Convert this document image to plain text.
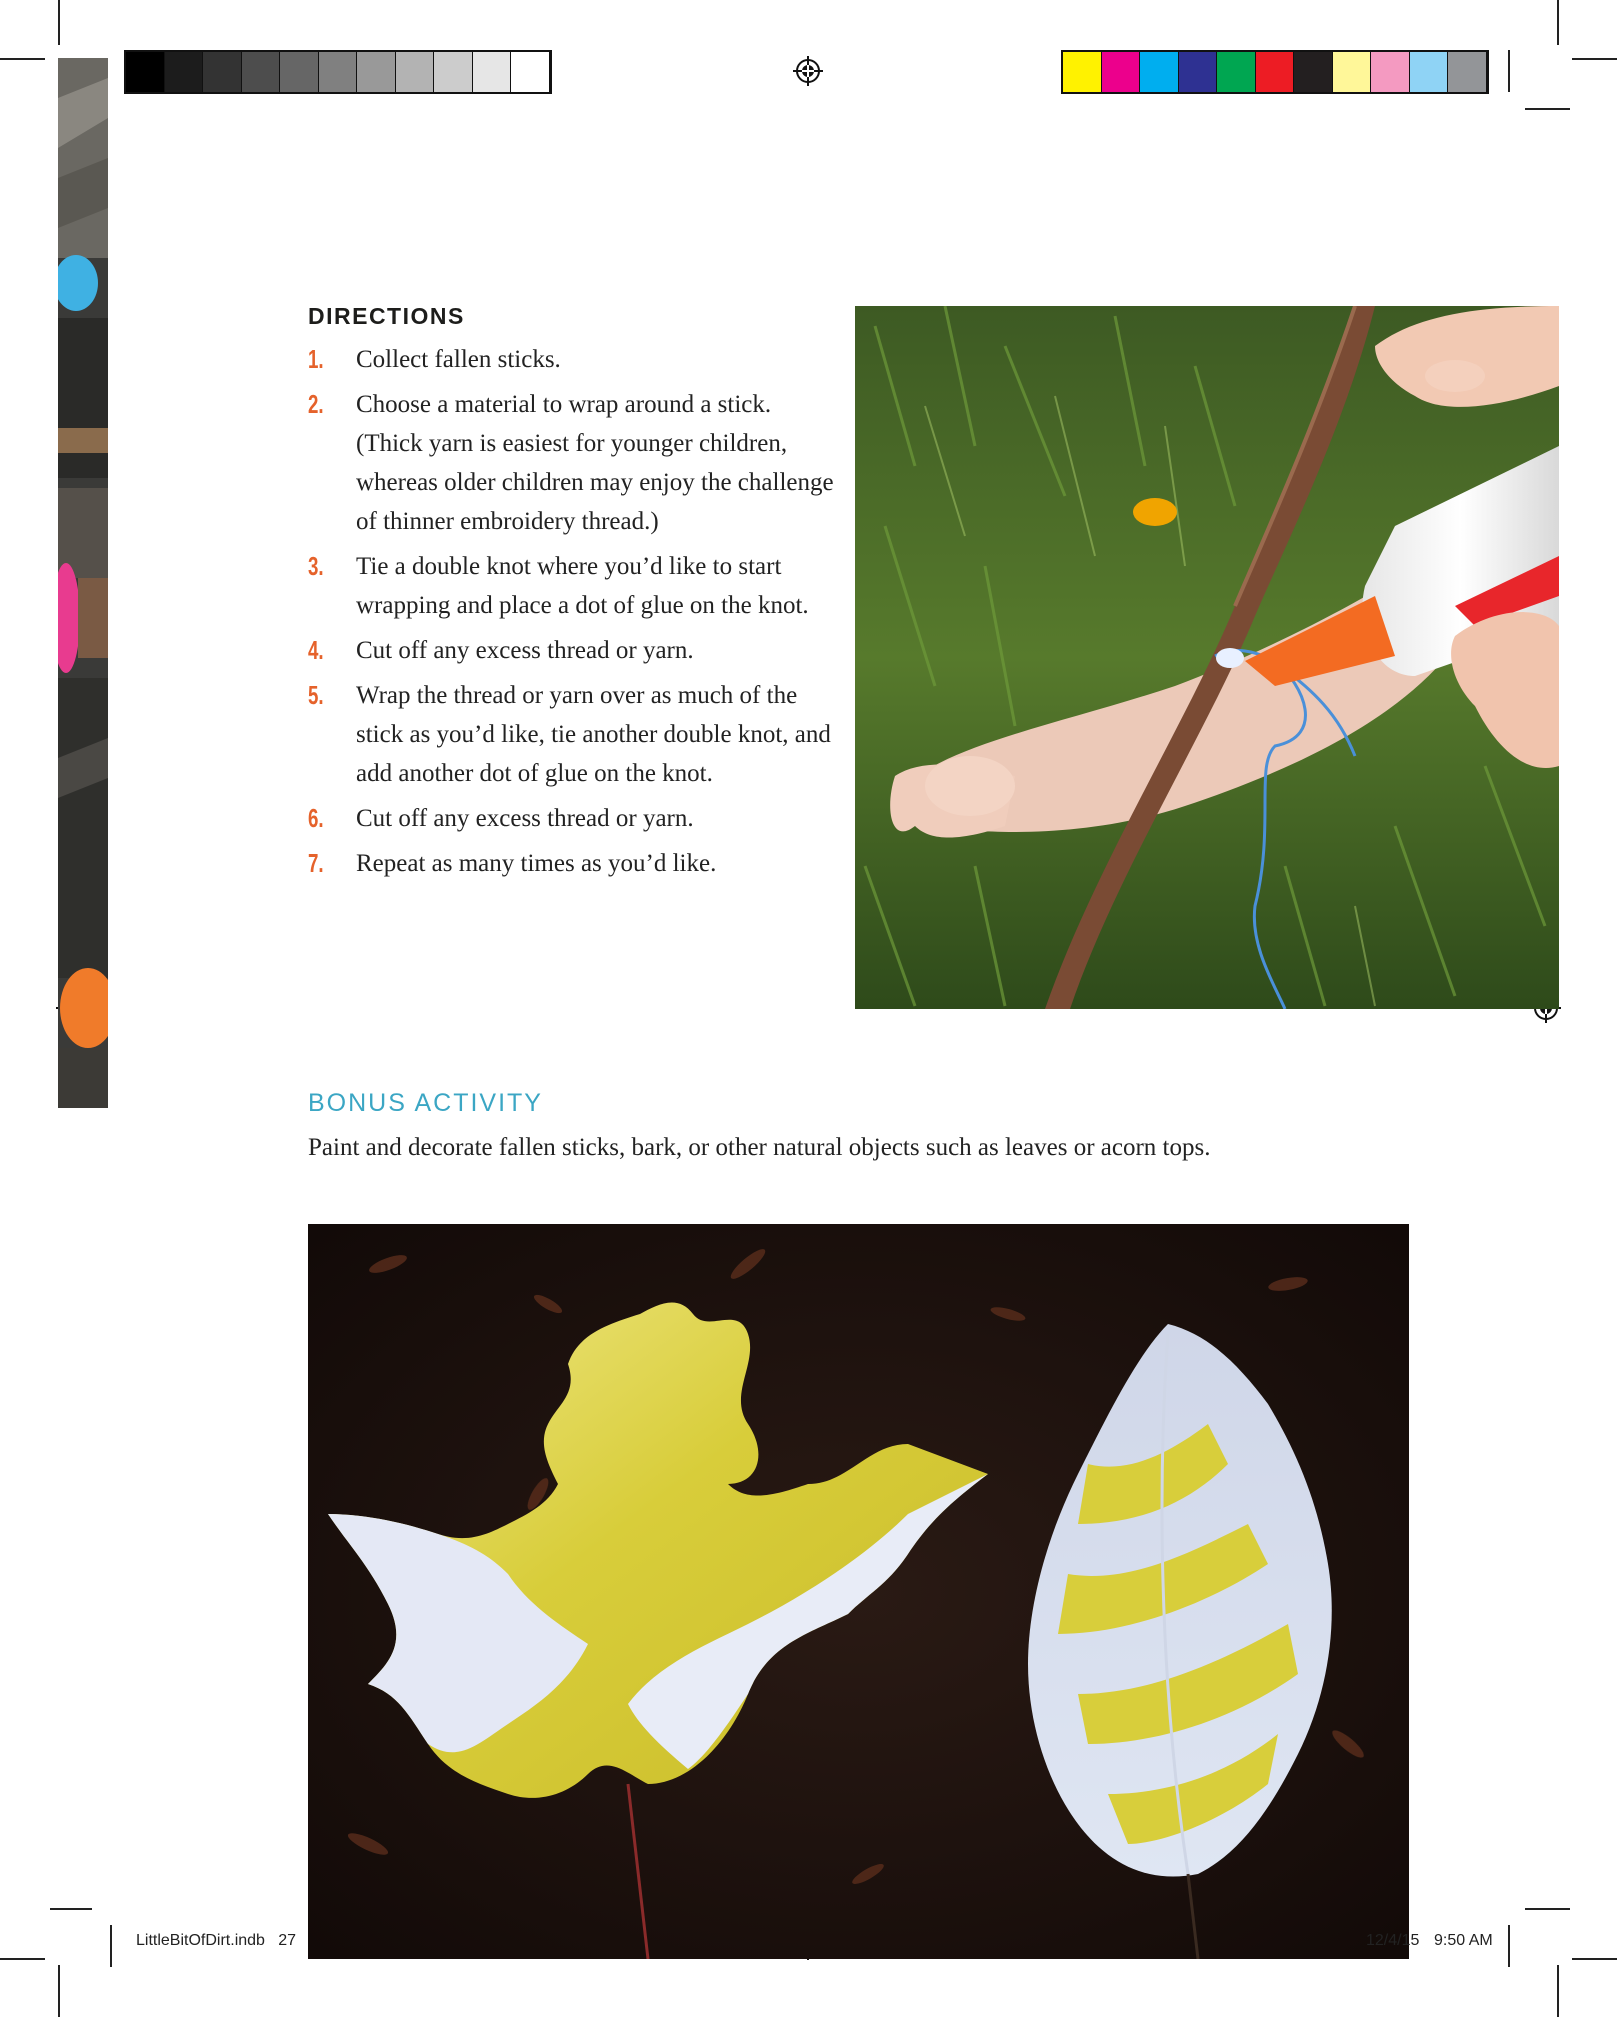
DIRECTIONS
1.	Collect fallen sticks.
2.	Choose a material to wrap around a stick. (Thick yarn is easiest for younger children, whereas older children may enjoy the challenge of thinner embroidery thread.)
3.	Tie a double knot where you’d like to start wrapping and place a dot of glue on the knot.
4.	Cut off any excess thread or yarn.
5.	Wrap the thread or yarn over as much of the stick as you’d like, tie another double knot, and add another dot of glue on the knot.
6.	Cut off any excess thread or yarn.
7.	Repeat as many times as you’d like.
BONUS ACTIVITY
Paint and decorate fallen sticks, bark, or other natural objects such as leaves or acorn tops.
LittleBitOfDirt.indb   27	12/4/15 9:50 AM
